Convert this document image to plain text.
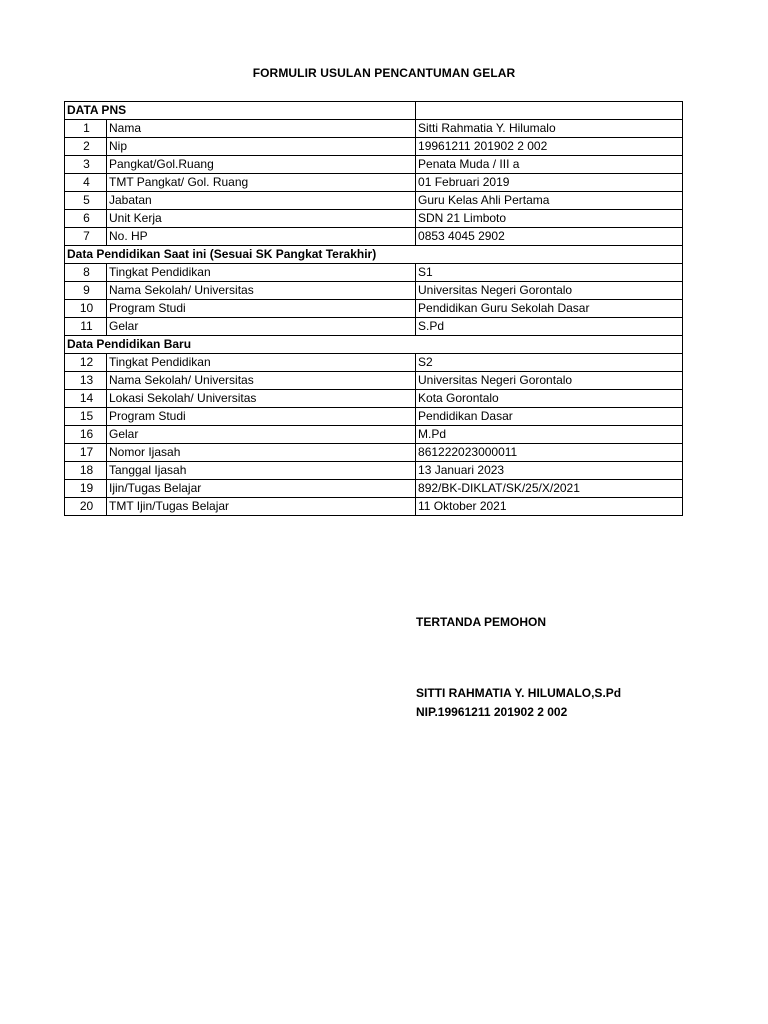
FORMULIR USULAN PENCANTUMAN GELAR
DATA PNS		
1	Nama	Sitti Rahmatia Y. Hilumalo
2	Nip	19961211 201902 2 002
3	Pangkat/Gol.Ruang	Penata Muda / III a
4	TMT Pangkat/ Gol. Ruang	01 Februari 2019
5	Jabatan	Guru Kelas Ahli Pertama
6	Unit Kerja	SDN 21 Limboto
7	No. HP	0853 4045 2902
Data Pendidikan Saat ini (Sesuai SK Pangkat Terakhir)		
8	Tingkat Pendidikan	S1
9	Nama Sekolah/ Universitas	Universitas Negeri Gorontalo
10	Program Studi	Pendidikan Guru Sekolah Dasar
11	Gelar	S.Pd
Data Pendidikan Baru		
12	Tingkat Pendidikan	S2
13	Nama Sekolah/ Universitas	Universitas Negeri Gorontalo
14	Lokasi Sekolah/ Universitas	Kota Gorontalo
15	Program Studi	Pendidikan Dasar
16	Gelar	M.Pd
17	Nomor Ijasah	861222023000011
18	Tanggal Ijasah	13 Januari 2023
19	Ijin/Tugas Belajar	892/BK-DIKLAT/SK/25/X/2021
20	TMT Ijin/Tugas Belajar	11 Oktober 2021
TERTANDA PEMOHON
SITTI RAHMATIA Y. HILUMALO,S.Pd
NIP.19961211 201902 2 002
